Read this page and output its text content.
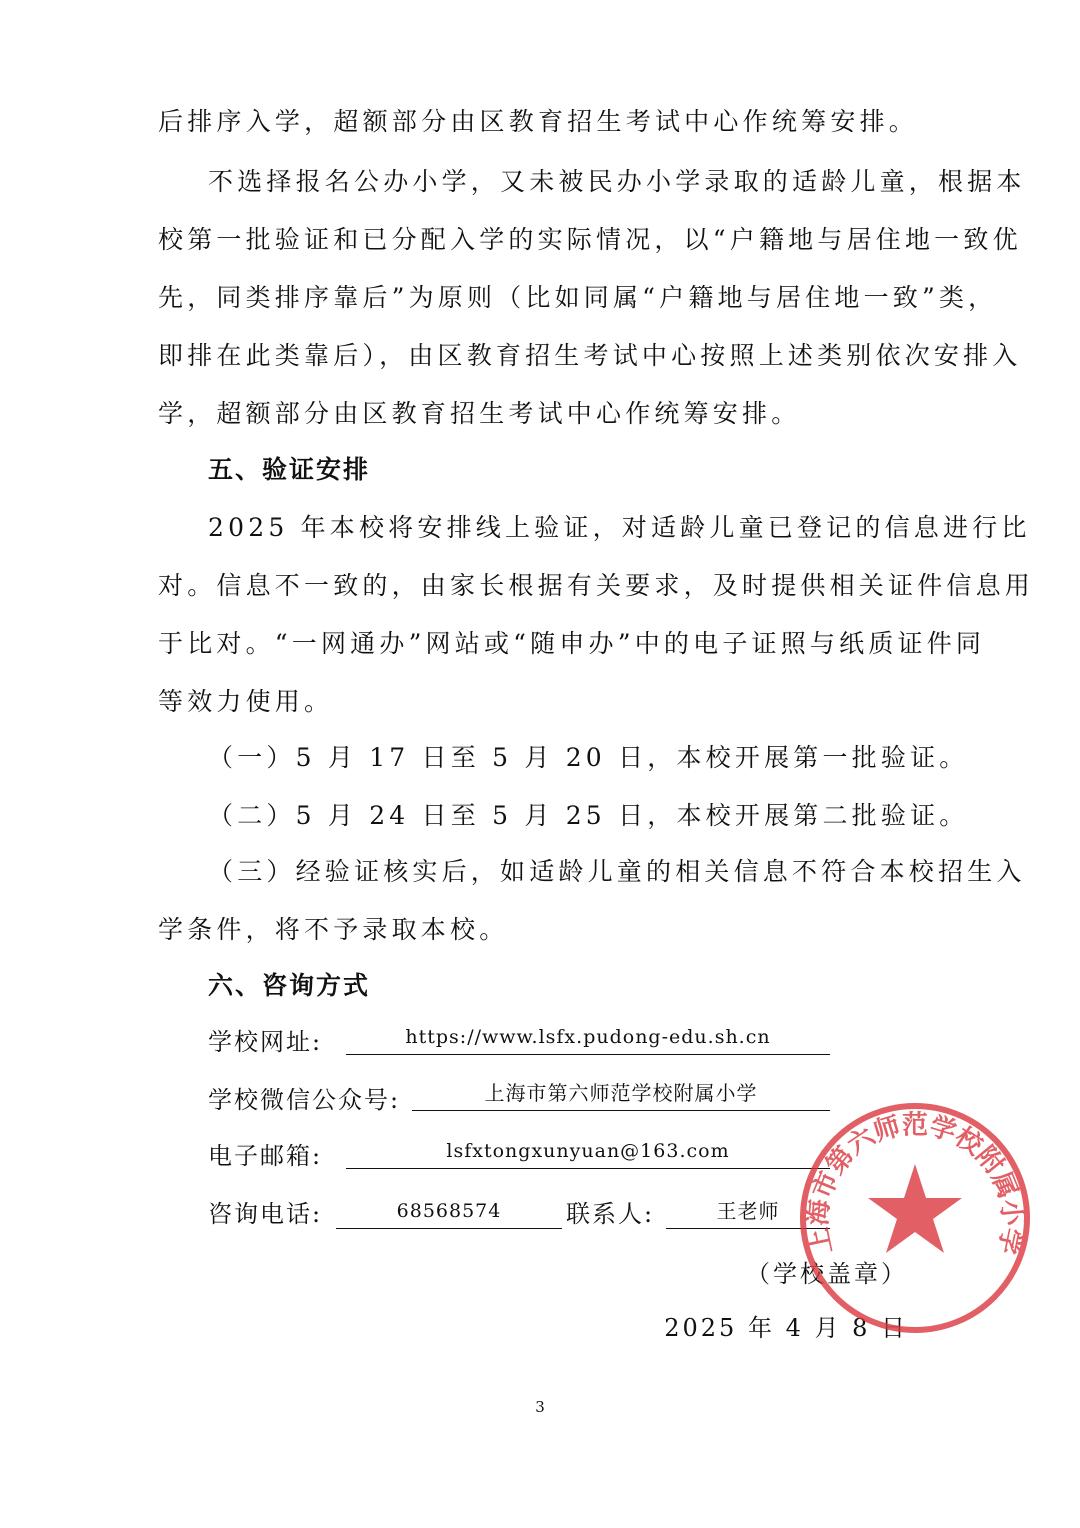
后排序入学，超额部分由区教育招生考试中心作统筹安排。
不选择报名公办小学，又未被民办小学录取的适龄儿童，根据本
校第一批验证和已分配入学的实际情况，以“户籍地与居住地一致优
先，同类排序靠后”为原则（比如同属“户籍地与居住地一致”类，
即排在此类靠后），由区教育招生考试中心按照上述类别依次安排入
学，超额部分由区教育招生考试中心作统筹安排。
五、验证安排
2025 年本校将安排线上验证，对适龄儿童已登记的信息进行比
对。信息不一致的，由家长根据有关要求，及时提供相关证件信息用
于比对。“一网通办”网站或“随申办”中的电子证照与纸质证件同
等效力使用。
（一）5 月 17 日至 5 月 20 日，本校开展第一批验证。
（二）5 月 24 日至 5 月 25 日，本校开展第二批验证。
（三）经验证核实后，如适龄儿童的相关信息不符合本校招生入
学条件，将不予录取本校。
六、咨询方式
学校网址:	https://www.lsfx.pudong-edu.sh.cn
学校微信公众号:	上海市第六师范学校附属小学
电子邮箱:	lsfxtongxunyuan@163.com
咨询电话:	68568574	联系人:	王老师
（学校盖章）
2025 年 4 月 8 日
上海市第六师范学校附属小学
3
